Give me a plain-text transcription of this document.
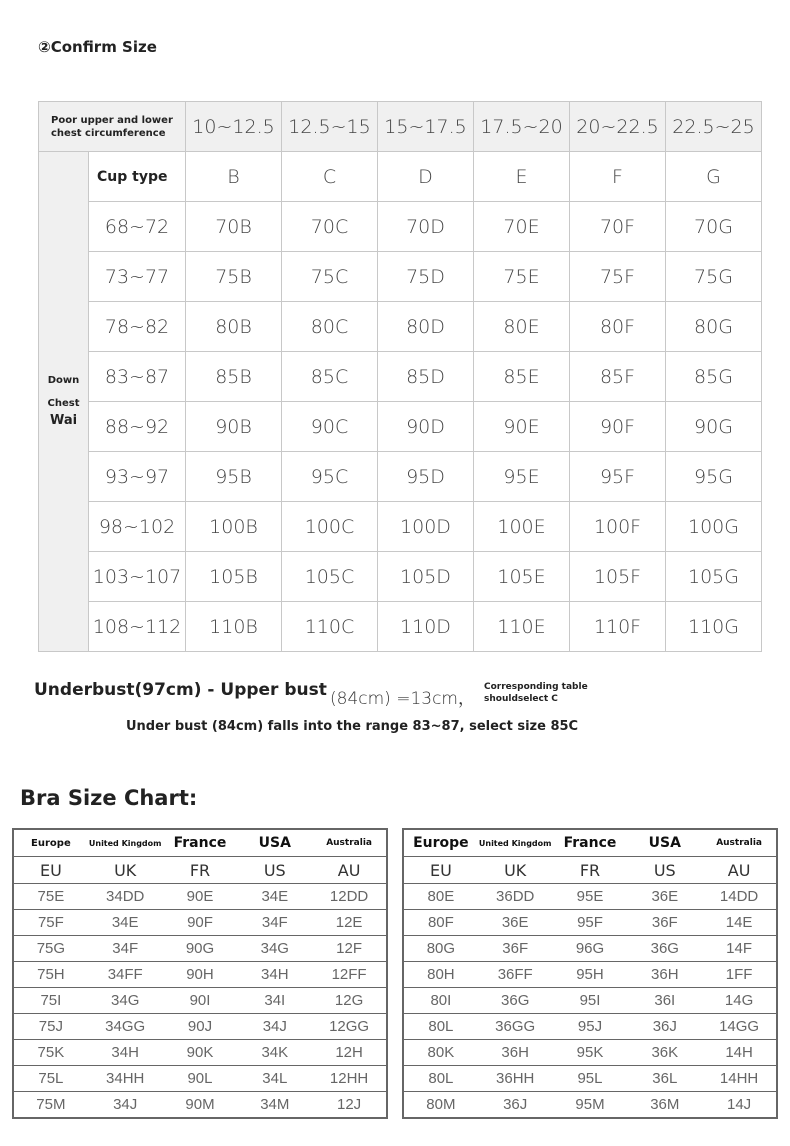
②Confirm Size
Poor upper and lower chest circumference		10~12.5	12.5~15	15~17.5	17.5~20	20~22.5	22.5~25

Down
Chest
Wai	Cup type	B	C	D	E	F	G
	68~72	70B	70C	70D	70E	70F	70G
	73~77	75B	75C	75D	75E	75F	75G
	78~82	80B	80C	80D	80E	80F	80G
	83~87	85B	85C	85D	85E	85F	85G
	88~92	90B	90C	90D	90E	90F	90G
	93~97	95B	95C	95D	95E	95F	95G
	98~102	100B	100C	100D	100E	100F	100G
	103~107	105B	105C	105D	105E	105F	105G
	108~112	110B	110C	110D	110E	110F	110G
Underbust(97cm) - Upper bust (84cm) =13cm，
Corresponding table
shouldselect C
Under bust (84cm) falls into the range 83~87, select size 85C
Bra Size Chart:
Europe	United Kingdom	France	USA	Australia
EU	UK	FR	US	AU
75E	34DD	90E	34E	12DD
75F	34E	90F	34F	12E
75G	34F	90G	34G	12F
75H	34FF	90H	34H	12FF
75I	34G	90I	34I	12G
75J	34GG	90J	34J	12GG
75K	34H	90K	34K	12H
75L	34HH	90L	34L	12HH
75M	34J	90M	34M	12J
Europe	United Kingdom	France	USA	Australia
EU	UK	FR	US	AU
80E	36DD	95E	36E	14DD
80F	36E	95F	36F	14E
80G	36F	96G	36G	14F
80H	36FF	95H	36H	1FF
80I	36G	95I	36I	14G
80L	36GG	95J	36J	14GG
80K	36H	95K	36K	14H
80L	36HH	95L	36L	14HH
80M	36J	95M	36M	14J
